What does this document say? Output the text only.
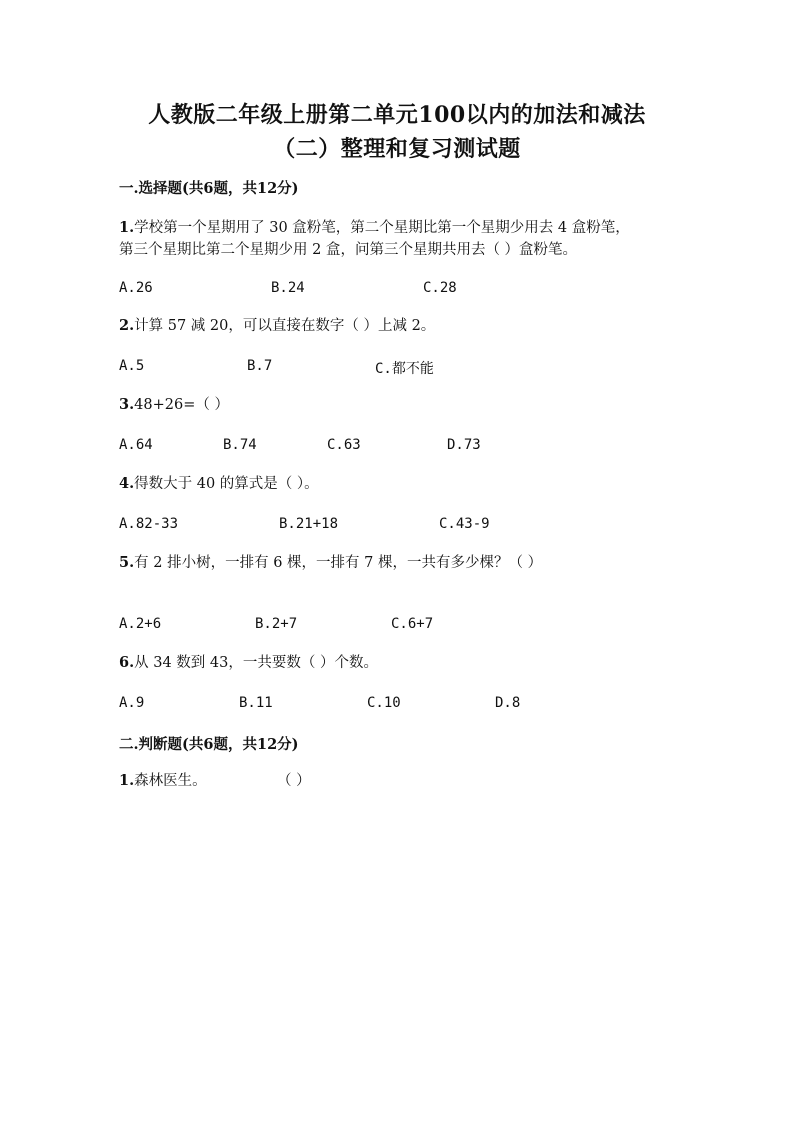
人教版二年级上册第二单元100以内的加法和减法
（二）整理和复习测试题
一.选择题(共6题，共12分)
1.学校第一个星期用了 30 盒粉笔，第二个星期比第一个星期少用去 4 盒粉笔，
第三个星期比第二个星期少用 2 盒，问第三个星期共用去（ ）盒粉笔。
A.26	B.24	C.28
2.计算 57 减 20，可以直接在数字（ ）上减 2。
A.5	B.7	C.都不能
3.48+26=（ ）
A.64	B.74	C.63	D.73
4.得数大于 40 的算式是（ ）。
A.82-33	B.21+18	C.43-9
5.有 2 排小树，一排有 6 棵，一排有 7 棵，一共有多少棵？（ ）
A.2+6	B.2+7	C.6+7
6.从 34 数到 43，一共要数（ ）个数。
A.9	B.11	C.10	D.8
二.判断题(共6题，共12分)
1.森林医生。	（ ）
